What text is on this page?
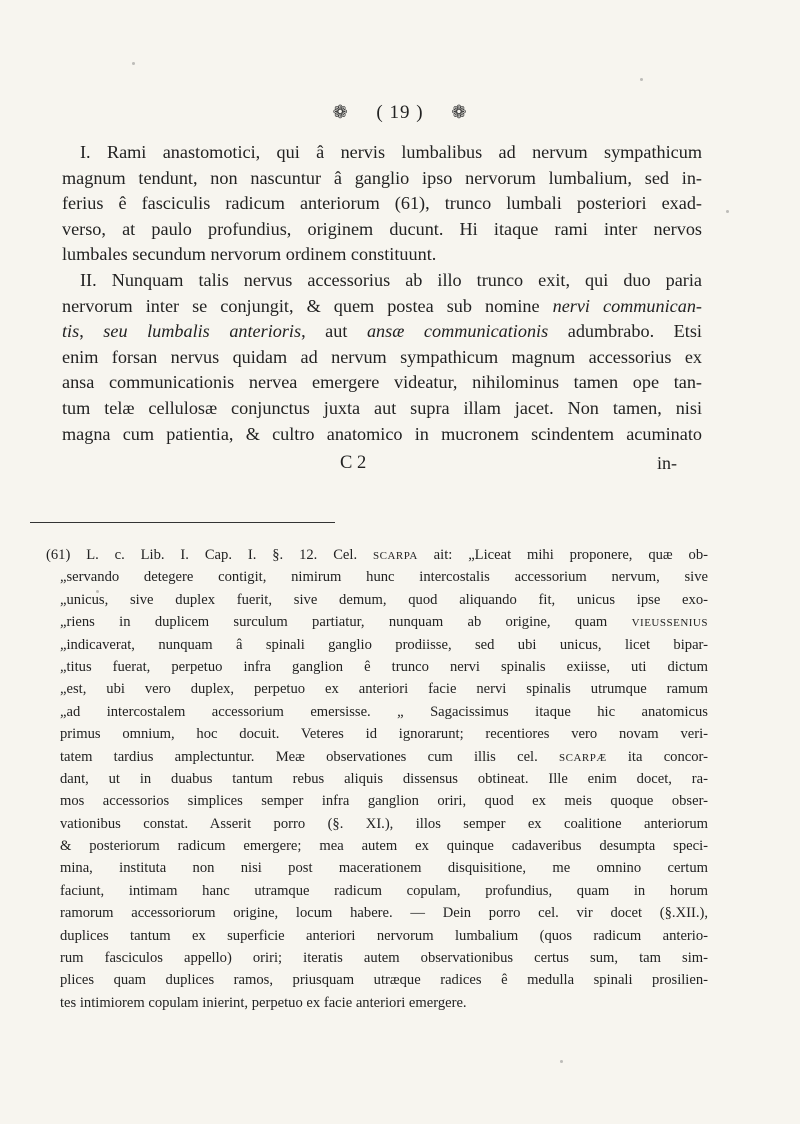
❁ ( 19 ) ❁
I. Rami anastomotici, qui â nervis lumbalibus ad nervum sympathicum
magnum tendunt, non nascuntur â ganglio ipso nervorum lumbalium, sed in-
ferius ê fasciculis radicum anteriorum (61), trunco lumbali posteriori exad-
verso, at paulo profundius, originem ducunt. Hi itaque rami inter nervos
lumbales secundum nervorum ordinem constituunt.
II. Nunquam talis nervus accessorius ab illo trunco exit, qui duo paria
nervorum inter se conjungit, & quem postea sub nomine nervi communican-
tis, seu lumbalis anterioris, aut ansæ communicationis adumbrabo. Etsi
enim forsan nervus quidam ad nervum sympathicum magnum accessorius ex
ansa communicationis nervea emergere videatur, nihilominus tamen ope tan-
tum telæ cellulosæ conjunctus juxta aut supra illam jacet. Non tamen, nisi
magna cum patientia, & cultro anatomico in mucronem scindentem acuminato
C 2	in-
(61) L. c. Lib. I. Cap. I. §. 12. Cel. SCARPA ait: „Liceat mihi proponere, quæ ob-
„servando detegere contigit, nimirum hunc intercostalis accessorium nervum, sive
„unicus, sive duplex fuerit, sive demum, quod aliquando fit, unicus ipse exo-
„riens in duplicem surculum partiatur, nunquam ab origine, quam VIEUSSENIUS
„indicaverat, nunquam â spinali ganglio prodiisse, sed ubi unicus, licet bipar-
„titus fuerat, perpetuo infra ganglion ê trunco nervi spinalis exiisse, uti dictum
„est, ubi vero duplex, perpetuo ex anteriori facie nervi spinalis utrumque ramum
„ad intercostalem accessorium emersisse. „ Sagacissimus itaque hic anatomicus
primus omnium, hoc docuit. Veteres id ignorarunt; recentiores vero novam veri-
tatem tardius amplectuntur. Meæ observationes cum illis cel. SCARPÆ ita concor-
dant, ut in duabus tantum rebus aliquis dissensus obtineat. Ille enim docet, ra-
mos accessorios simplices semper infra ganglion oriri, quod ex meis quoque obser-
vationibus constat. Asserit porro (§. XI.), illos semper ex coalitione anteriorum
& posteriorum radicum emergere; mea autem ex quinque cadaveribus desumpta speci-
mina, instituta non nisi post macerationem disquisitione, me omnino certum
faciunt, intimam hanc utramque radicum copulam, profundius, quam in horum
ramorum accessoriorum origine, locum habere. — Dein porro cel. vir docet (§.XII.),
duplices tantum ex superficie anteriori nervorum lumbalium (quos radicum anterio-
rum fasciculos appello) oriri; iteratis autem observationibus certus sum, tam sim-
plices quam duplices ramos, priusquam utræque radices ê medulla spinali prosilien-
tes intimiorem copulam inierint, perpetuo ex facie anteriori emergere.
